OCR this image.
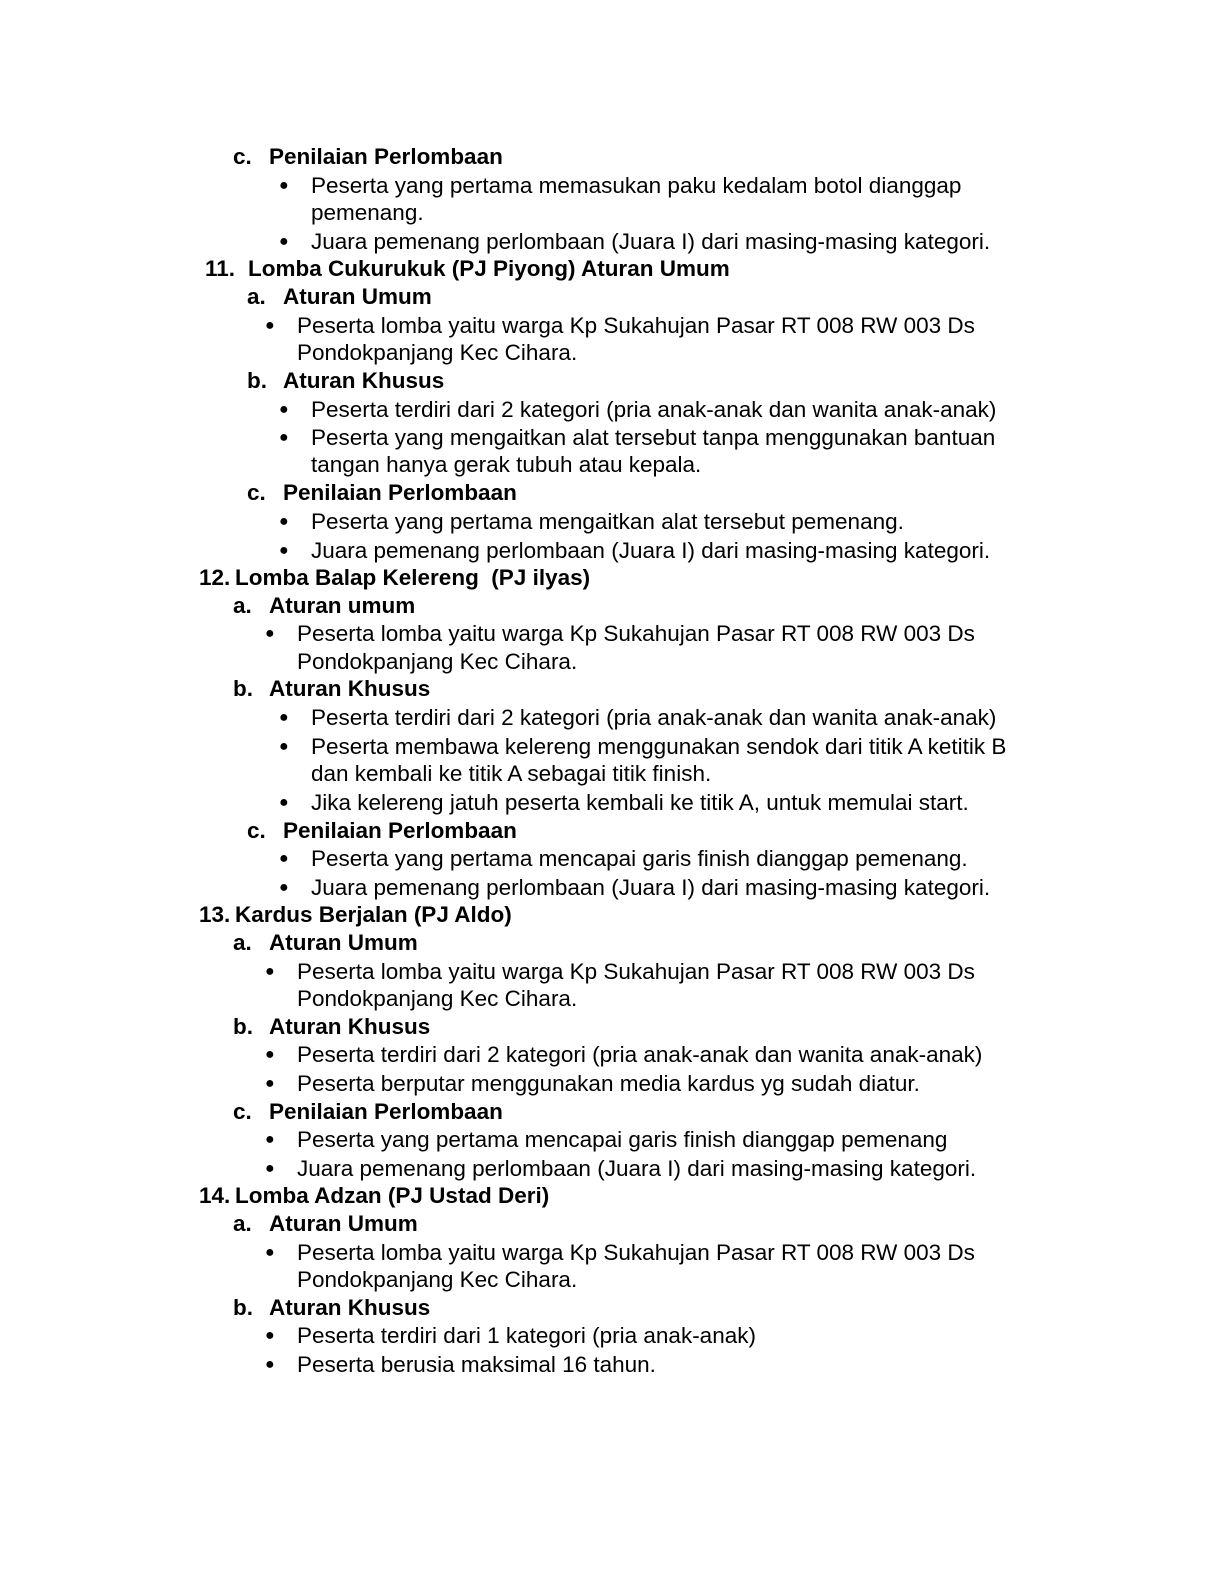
c. Penilaian Perlombaan
● Peserta yang pertama memasukan paku kedalam botol dianggap
pemenang.
● Juara pemenang perlombaan (Juara I) dari masing-masing kategori.
11. Lomba Cukurukuk (PJ Piyong) Aturan Umum
a. Aturan Umum
● Peserta lomba yaitu warga Kp Sukahujan Pasar RT 008 RW 003 Ds
Pondokpanjang Kec Cihara.
b. Aturan Khusus
● Peserta terdiri dari 2 kategori (pria anak-anak dan wanita anak-anak)
● Peserta yang mengaitkan alat tersebut tanpa menggunakan bantuan
tangan hanya gerak tubuh atau kepala.
c. Penilaian Perlombaan
● Peserta yang pertama mengaitkan alat tersebut pemenang.
● Juara pemenang perlombaan (Juara I) dari masing-masing kategori.
12. Lomba Balap Kelereng  (PJ ilyas)
a. Aturan umum
● Peserta lomba yaitu warga Kp Sukahujan Pasar RT 008 RW 003 Ds
Pondokpanjang Kec Cihara.
b. Aturan Khusus
● Peserta terdiri dari 2 kategori (pria anak-anak dan wanita anak-anak)
● Peserta membawa kelereng menggunakan sendok dari titik A ketitik B
dan kembali ke titik A sebagai titik finish.
● Jika kelereng jatuh peserta kembali ke titik A, untuk memulai start.
c. Penilaian Perlombaan
● Peserta yang pertama mencapai garis finish dianggap pemenang.
● Juara pemenang perlombaan (Juara I) dari masing-masing kategori.
13. Kardus Berjalan (PJ Aldo)
a. Aturan Umum
● Peserta lomba yaitu warga Kp Sukahujan Pasar RT 008 RW 003 Ds
Pondokpanjang Kec Cihara.
b. Aturan Khusus
● Peserta terdiri dari 2 kategori (pria anak-anak dan wanita anak-anak)
● Peserta berputar menggunakan media kardus yg sudah diatur.
c. Penilaian Perlombaan
● Peserta yang pertama mencapai garis finish dianggap pemenang
● Juara pemenang perlombaan (Juara I) dari masing-masing kategori.
14. Lomba Adzan (PJ Ustad Deri)
a. Aturan Umum
● Peserta lomba yaitu warga Kp Sukahujan Pasar RT 008 RW 003 Ds
Pondokpanjang Kec Cihara.
b. Aturan Khusus
● Peserta terdiri dari 1 kategori (pria anak-anak)
● Peserta berusia maksimal 16 tahun.
